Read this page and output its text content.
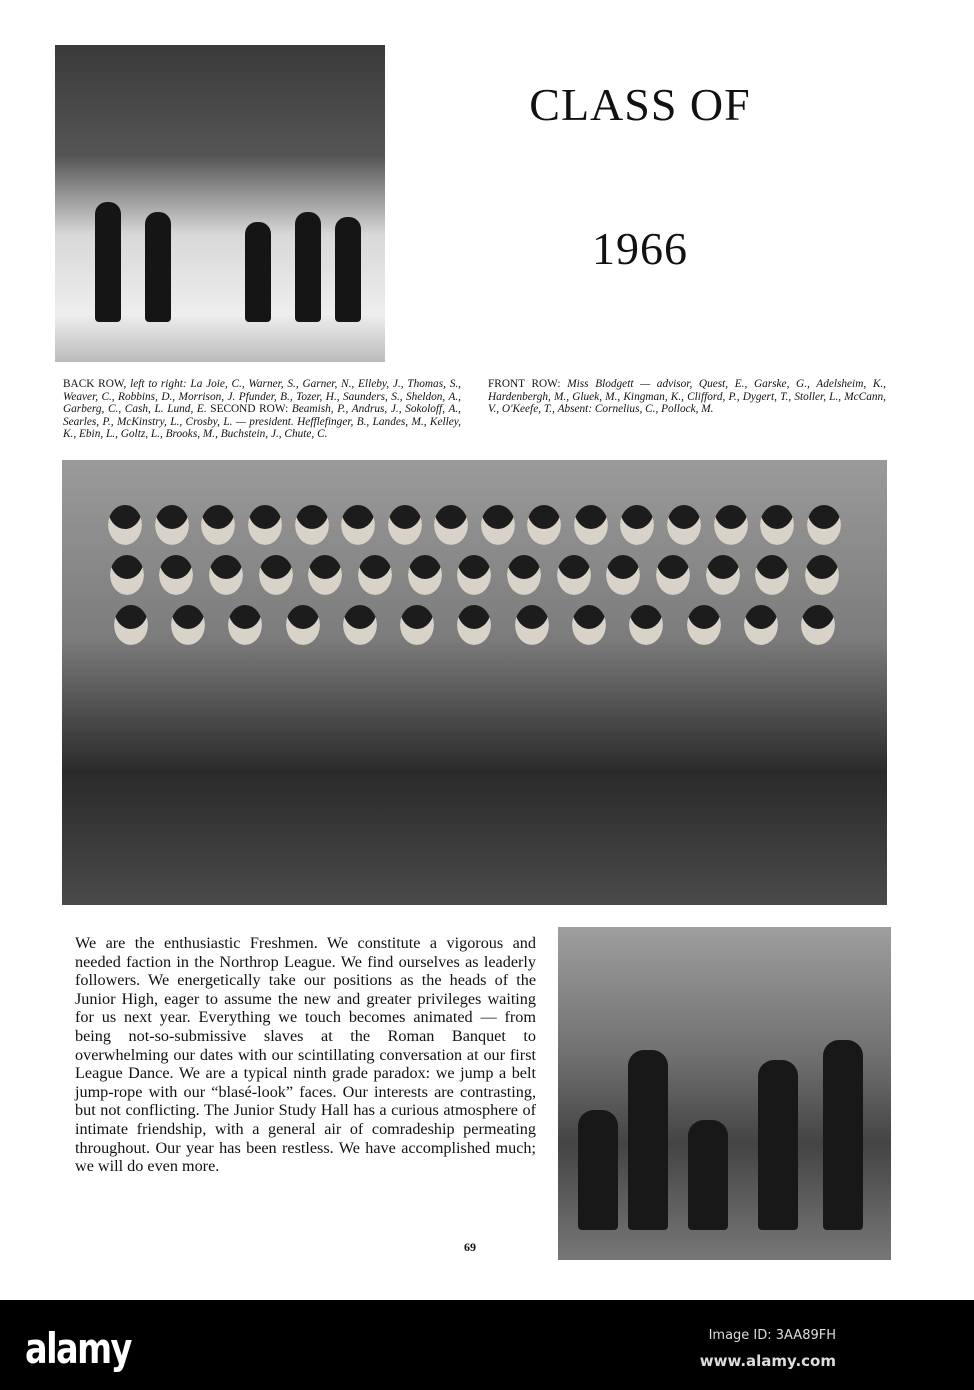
CLASS OF
1966
BACK ROW, left to right: La Joie, C., Warner, S., Garner, N., Elleby, J., Thomas, S., Weaver, C., Robbins, D., Morrison, J. Pfunder, B., Tozer, H., Saunders, S., Sheldon, A., Garberg, C., Cash, L. Lund, E. SECOND ROW: Beamish, P., Andrus, J., Sokoloff, A., Searles, P., McKinstry, L., Crosby, L. — president. Hefflefinger, B., Landes, M., Kelley, K., Ebin, L., Goltz, L., Brooks, M., Buchstein, J., Chute, C.
FRONT ROW: Miss Blodgett — advisor, Quest, E., Garske, G., Adelsheim, K., Hardenbergh, M., Gluek, M., Kingman, K., Clifford, P., Dygert, T., Stoller, L., McCann, V., O'Keefe, T., Absent: Cornelius, C., Pollock, M.
We are the enthusiastic Freshmen. We constitute a vigorous and needed faction in the Northrop League. We find ourselves as leaderly followers. We energetically take our positions as the heads of the Junior High, eager to assume the new and greater privileges waiting for us next year. Everything we touch becomes animated — from being not-so-submissive slaves at the Roman Banquet to overwhelming our dates with our scintillating conversation at our first League Dance. We are a typical ninth grade paradox: we jump a belt jump-rope with our “blasé-look” faces. Our interests are contrasting, but not conflicting. The Junior Study Hall has a curious atmosphere of intimate friendship, with a general air of comradeship permeating throughout. Our year has been restless. We have accomplished much; we will do even more.
69
alamy	Image ID: 3AA89FH
www.alamy.com
